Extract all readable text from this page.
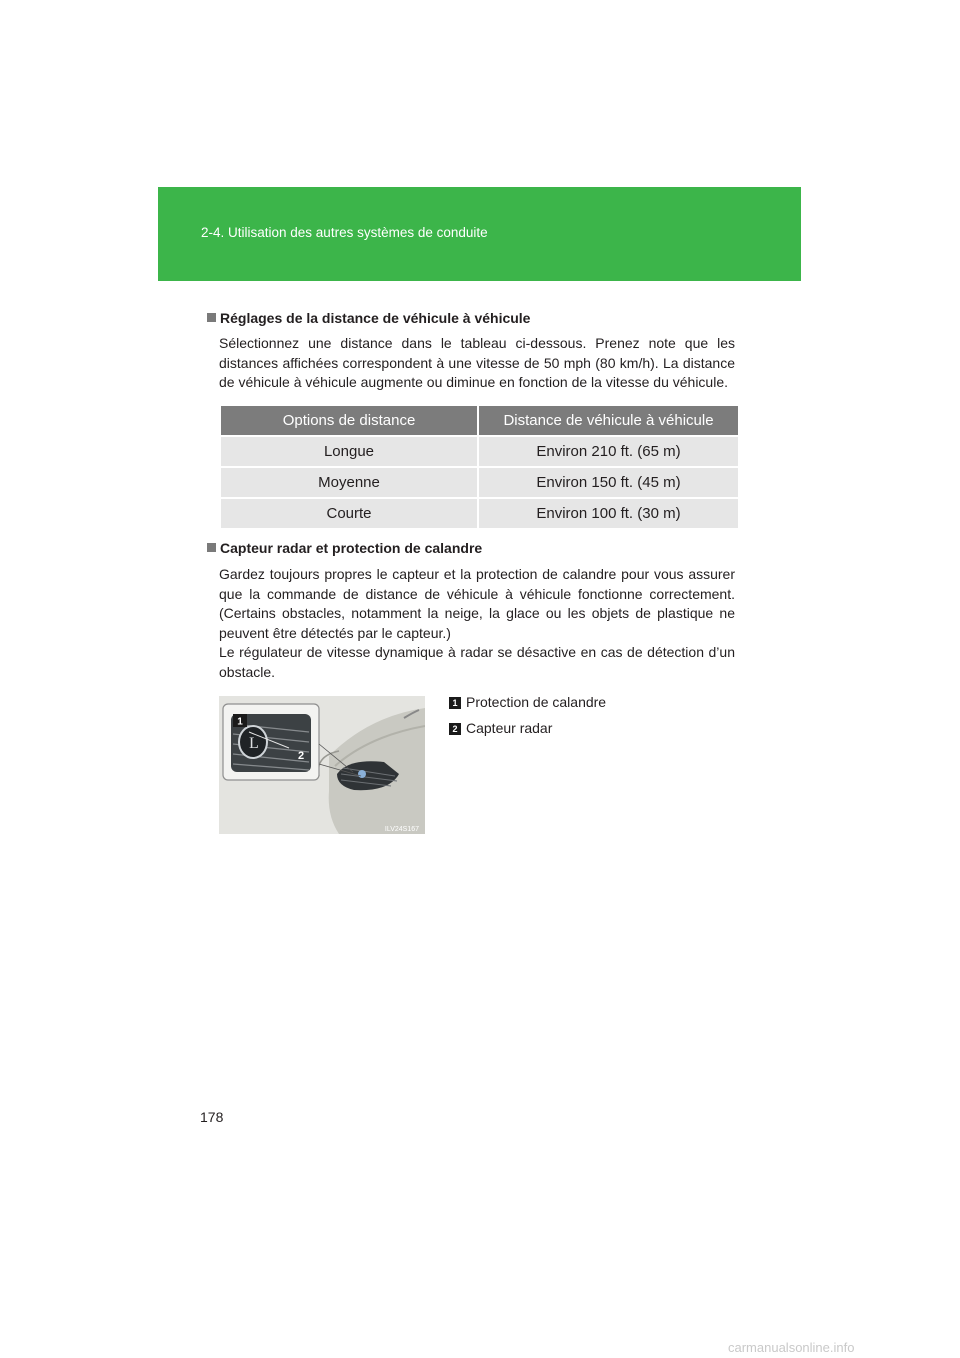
2-4. Utilisation des autres systèmes de conduite
Réglages de la distance de véhicule à véhicule

Sélectionnez une distance dans le tableau ci-dessous. Prenez note que les distances affichées correspondent à une vitesse de 50 mph (80 km/h). La distance de véhicule à véhicule augmente ou diminue en fonction de la vitesse du véhicule.

Options de distance	Distance de véhicule à véhicule
Longue	Environ 210 ft. (65 m)
Moyenne	Environ 150 ft. (45 m)
Courte	Environ 100 ft. (30 m)
Capteur radar et protection de calandre

Gardez toujours propres le capteur et la protection de calandre pour vous assurer que la commande de distance de véhicule à véhicule fonctionne correctement. (Certains obstacles, notamment la neige, la glace ou les objets de plastique ne peuvent être détectés par le capteur.)

Le régulateur de vitesse dynamique à radar se désactive en cas de détection d’un obstacle.

L
1
2
ILV24S167
1 Protection de calandre
2 Capteur radar
178
carmanualsonline.info
